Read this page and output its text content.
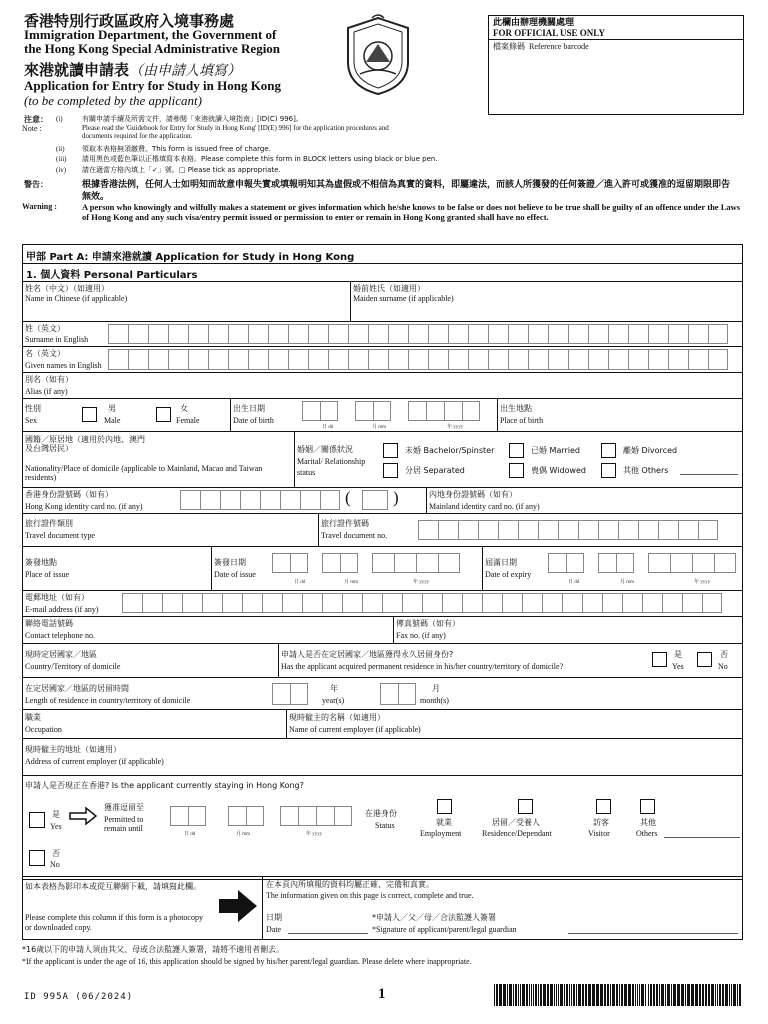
香港特別行政區政府入境事務處
Immigration Department, the Government of
the Hong Kong Special Administrative Region
來港就讀申請表（由申請人填寫）
Application for Entry for Study in Hong Kong
(to be completed by the applicant)
此欄由辦理機關處理
FOR OFFICIAL USE ONLY
檔案條碼 Reference barcode
注意：
Note :
(i)	有關申請手續及所需文件，請參閱「來港就讀入境指南」[ID(C) 996]。
Please read the 'Guidebook for Entry for Study in Hong Kong' [ID(E) 996] for the application procedures and documents required for the application.
(ii) 領取本表格無須繳費。This form is issued free of charge.
(iii) 請用黑色或藍色筆以正楷填寫本表格。Please complete this form in BLOCK letters using black or blue pen.
(iv) 請在適當方格內填上「✓」號。□ Please tick as appropriate.
警告：
Warning :
根據香港法例，任何人士如明知而故意申報失實或填報明知其為虛假或不相信為真實的資料，即屬違法，而該人所獲發的任何簽證／進入許可或獲准的逗留期限即告無效。
A person who knowingly and wilfully makes a statement or gives information which he/she knows to be false or does not believe to be true shall be guilty of an offence under the Laws of Hong Kong and any such visa/entry permit issued or permission to enter or remain in Hong Kong granted shall have no effect.
甲部 Part A: 申請來港就讀 Application for Study in Hong Kong
1. 個人資料 Personal Particulars
姓名（中文）（如適用）
Name in Chinese (if applicable)
婚前姓氏（如適用）
Maiden surname (if applicable)
姓（英文）
Surname in English
名（英文）
Given names in English
別名（如有）
Alias (if any)
性別
Sex
男
Male
女
Female
出生日期
Date of birth
日 dd	月 mm	年 yyyy
出生地點
Place of birth
國籍／原居地（適用於內地、澳門及台灣居民）
Nationality/Place of domicile (applicable to Mainland, Macao and Taiwan residents)
婚姻／關係狀況
Marital/ Relationship status
未婚 Bachelor/Spinster	已婚 Married	離婚 Divorced
分居 Separated	喪偶 Widowed	其他 Others
香港身份證號碼（如有）
Hong Kong identity card no. (if any)	( )	內地身份證號碼（如有）
Mainland identity card no. (if any)
旅行證件類別
Travel document type
旅行證件號碼
Travel document no.
簽發地點
Place of issue
簽發日期
Date of issue
日 dd	月 mm	年 yyyy
屆滿日期
Date of expiry
日 dd	月 mm	年 yyyy
電郵地址（如有）
E-mail address (if any)
聯絡電話號碼
Contact telephone no.
傳真號碼（如有）
Fax no. (if any)
現時定居國家／地區
Country/Territory of domicile
申請人是否在定居國家／地區獲得永久居留身份?
Has the applicant acquired permanent residence in his/her country/territory of domicile?
是
Yes
否
No
在定居國家／地區的居留時間
Length of residence in country/territory of domicile
年
year(s)
月
month(s)
職業
Occupation
現時僱主的名稱（如適用）
Name of current employer (if applicable)
現時僱主的地址（如適用）
Address of current employer (if applicable)
申請人是否現正在香港? Is the applicant currently staying in Hong Kong?
是
Yes
獲准逗留至
Permitted to remain until
日 dd	月 mm	年 yyyy
在港身份
Status	就業
Employment
居留／受養人
Residence/Dependant
訪客
Visitor
其他
Others
否
No
如本表格為影印本或從互聯網下載，請填寫此欄。
Please complete this column if this form is a photocopy or downloaded copy.
在本頁內所填報的資料均屬正確、完備和真實。
The information given on this page is correct, complete and true.
日期
Date
*申請人／父／母／合法監護人簽署
*Signature of applicant/parent/legal guardian
*16歲以下的申請人須由其父、母或合法監護人簽署，請將不適用者刪去。
*If the applicant is under the age of 16, this application should be signed by his/her parent/legal guardian. Please delete where inappropriate.
ID 995A (06/2024)	1
